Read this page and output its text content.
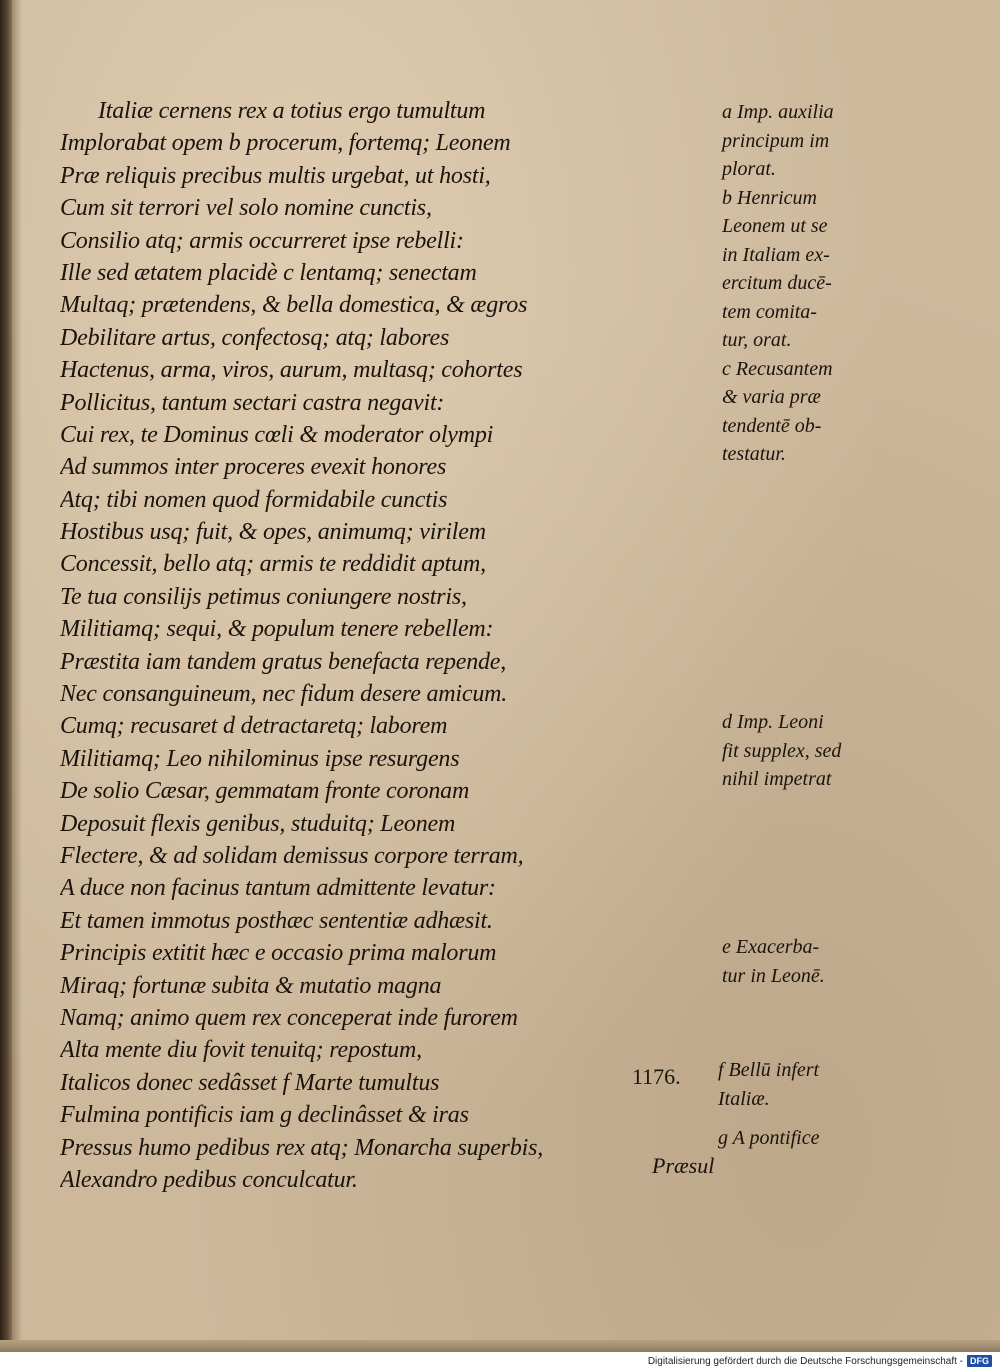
Italiæ cernens rex a totius ergo tumultum
Implorabat opem b procerum, fortemq; Leonem
Præ reliquis precibus multis urgebat, ut hosti,
Cum sit terrori vel solo nomine cunctis,
Consilio atq; armis occurreret ipse rebelli:
Ille sed ætatem placidè c lentamq; senectam
Multaq; prætendens, & bella domestica, & ægros
Debilitare artus, confectosq; atq; labores
Hactenus, arma, viros, aurum, multasq; cohortes
Pollicitus, tantum sectari castra negavit:
Cui rex, te Dominus cœli & moderator olympi
Ad summos inter proceres evexit honores
Atq; tibi nomen quod formidabile cunctis
Hostibus usq; fuit, & opes, animumq; virilem
Concessit, bello atq; armis te reddidit aptum,
Te tua consilijs petimus coniungere nostris,
Militiamq; sequi, & populum tenere rebellem:
Præstita iam tandem gratus benefacta repende,
Nec consanguineum, nec fidum desere amicum.
Cumq; recusaret d detractaretq; laborem
Militiamq; Leo nihilominus ipse resurgens
De solio Cæsar, gemmatam fronte coronam
Deposuit flexis genibus, studuitq; Leonem
Flectere, & ad solidam demissus corpore terram,
A duce non facinus tantum admittente levatur:
Et tamen immotus posthæc sententiæ adhæsit.
Principis extitit hæc e occasio prima malorum
Miraq; fortunæ subita & mutatio magna
Namq; animo quem rex conceperat inde furorem
Alta mente diu fovit tenuitq; repostum,
Italicos donec sedâsset f Marte tumultus
Fulmina pontificis iam g declinâsset & iras
Pressus humo pedibus rex atq; Monarcha superbis,
Alexandro pedibus conculcatur.
a Imp. auxilia
principum im
plorat.
b Henricum
Leonem ut se
in Italiam ex-
ercitum ducē-
tem comita-
tur, orat.
c Recusantem
& varia præ
tendentē ob-
testatur.
d Imp. Leoni
fit supplex, sed
nihil impetrat
e Exacerba-
tur in Leonē.
1176. f Bellū infert
Italiæ.
g A pontifice
Præsul
Digitalisierung gefördert durch die Deutsche Forschungsgemeinschaft - DFG
